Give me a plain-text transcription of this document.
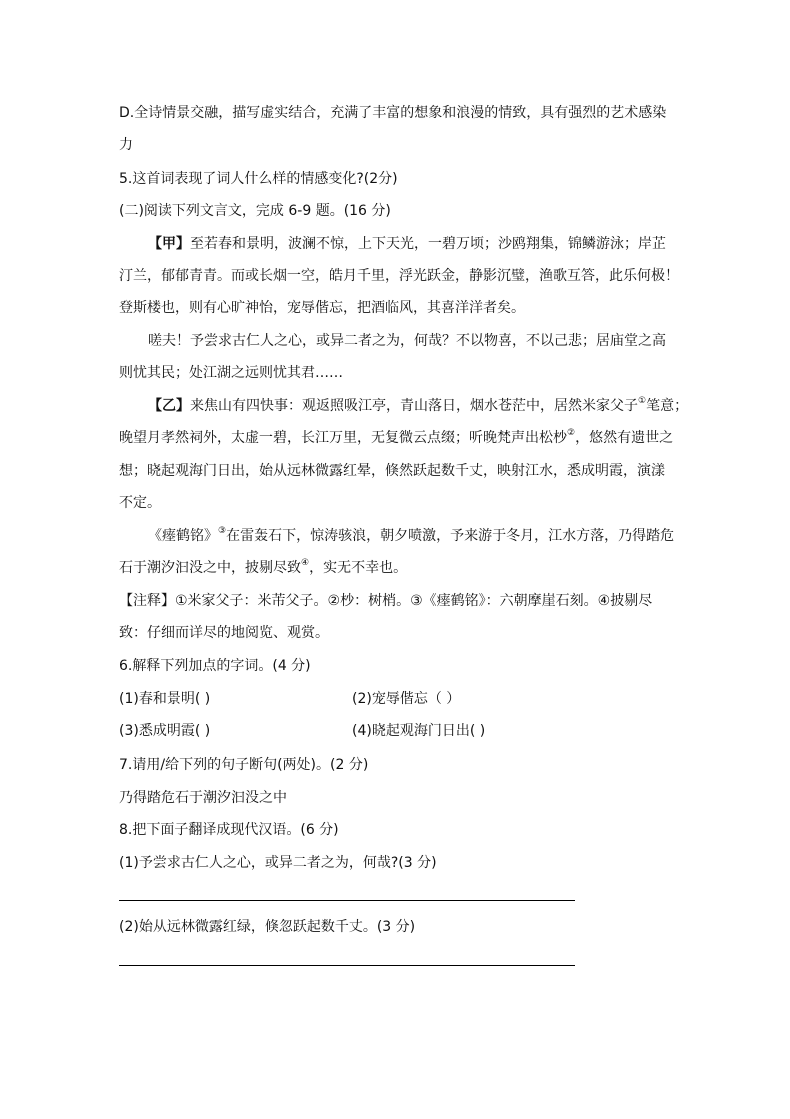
D.全诗情景交融，描写虚实结合，充满了丰富的想象和浪漫的情致，具有强烈的艺术感染
力
5.这首词表现了词人什么样的情感变化?(2分)
(二)阅读下列文言文，完成 6-9 题。(16 分)
【甲】至若春和景明，波澜不惊，上下天光，一碧万顷；沙鸥翔集，锦鳞游泳；岸芷
汀兰，郁郁青青。而或长烟一空，皓月千里，浮光跃金，静影沉璧，渔歌互答，此乐何极！
登斯楼也，则有心旷神怡，宠辱偕忘，把酒临风，其喜洋洋者矣。
嗟夫！予尝求古仁人之心，或异二者之为，何哉？不以物喜，不以己悲；居庙堂之高
则忧其民；处江湖之远则忧其君……
【乙】来焦山有四快事：观返照吸江亭，青山落日，烟水苍茫中，居然米家父子①笔意；
晚望月孝然祠外，太虚一碧，长江万里，无复微云点缀；听晚梵声出松杪②，悠然有遗世之
想；晓起观海门日出，始从远林微露红晕，倏然跃起数千丈，映射江水，悉成明霞，演漾
不定。
《瘗鹤铭》③在雷轰石下，惊涛骇浪，朝夕喷激，予来游于冬月，江水方落，乃得踏危
石于潮汐汩没之中，披剔尽致④，实无不幸也。
【注释】①米家父子：米芾父子。②杪：树梢。③《瘗鹤铭》：六朝摩崖石刻。④披剔尽
致：仔细而详尽的地阅览、观赏。
6.解释下列加点的字词。(4 分)
(1)春和景明( )	(2)宠辱偕忘（ ）
(3)悉成明霞( )	(4)晓起观海门日出( )
7.请用/给下列的句子断句(两处)。(2 分)
乃得踏危石于潮汐汩没之中
8.把下面子翻译成现代汉语。(6 分)
(1)予尝求古仁人之心，或异二者之为，何哉?(3 分)
(2)始从远林微露红绿，倏忽跃起数千丈。(3 分)
